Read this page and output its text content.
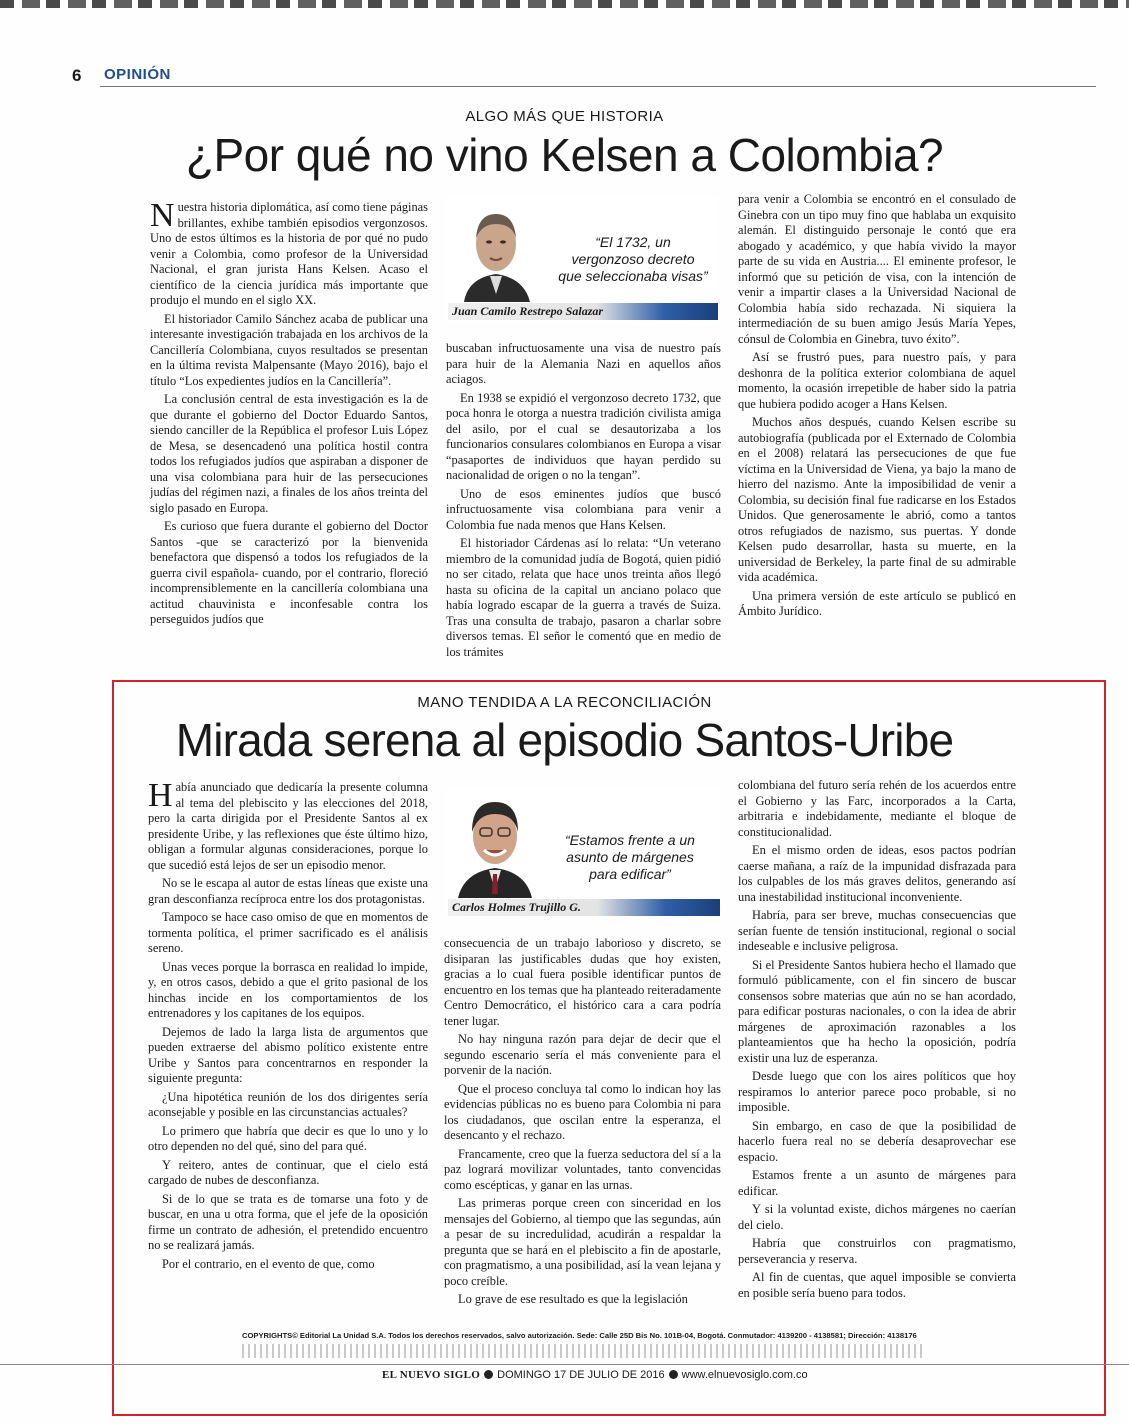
6 OPINIÓN
ALGO MÁS QUE HISTORIA
¿Por qué no vino Kelsen a Colombia?

Nuestra historia diplomática, así como tiene páginas brillantes, exhibe también episodios vergonzosos. Uno de estos últimos es la historia de por qué no pudo venir a Colombia, como profesor de la Universidad Nacional, el gran jurista Hans Kelsen. Acaso el científico de la ciencia jurídica más importante que produjo el mundo en el siglo XX.

El historiador Camilo Sánchez acaba de publicar una interesante investigación trabajada en los archivos de la Cancillería Colombiana, cuyos resultados se presentan en la última revista Malpensante (Mayo 2016), bajo el título “Los expedientes judíos en la Cancillería”.

La conclusión central de esta investigación es la de que durante el gobierno del Doctor Eduardo Santos, siendo canciller de la República el profesor Luis López de Mesa, se desencadenó una política hostil contra todos los refugiados judíos que aspiraban a disponer de una visa colombiana para huir de las persecuciones judías del régimen nazi, a finales de los años treinta del siglo pasado en Europa.

Es curioso que fuera durante el gobierno del Doctor Santos -que se caracterizó por la bienvenida benefactora que dispensó a todos los refugiados de la guerra civil española- cuando, por el contrario, floreció incomprensiblemente en la cancillería colombiana una actitud chauvinista e inconfesable contra los perseguidos judíos que

“El 1732, un vergonzoso decreto que seleccionaba visas”
Juan Camilo Restrepo Salazar

buscaban infructuosamente una visa de nuestro país para huir de la Alemania Nazi en aquellos años aciagos.

En 1938 se expidió el vergonzoso decreto 1732, que poca honra le otorga a nuestra tradición civilista amiga del asilo, por el cual se desautorizaba a los funcionarios consulares colombianos en Europa a visar “pasaportes de individuos que hayan perdido su nacionalidad de origen o no la tengan”.

Uno de esos eminentes judíos que buscó infructuosamente visa colombiana para venir a Colombia fue nada menos que Hans Kelsen.

El historiador Cárdenas así lo relata: “Un veterano miembro de la comunidad judía de Bogotá, quien pidió no ser citado, relata que hace unos treinta años llegó hasta su oficina de la capital un anciano polaco que había logrado escapar de la guerra a través de Suiza. Tras una consulta de trabajo, pasaron a charlar sobre diversos temas. El señor le comentó que en medio de los trámites

para venir a Colombia se encontró en el consulado de Ginebra con un tipo muy fino que hablaba un exquisito alemán. El distinguido personaje le contó que era abogado y académico, y que había vivido la mayor parte de su vida en Austria.... El eminente profesor, le informó que su petición de visa, con la intención de venir a impartir clases a la Universidad Nacional de Colombia había sido rechazada. Ni siquiera la intermediación de su buen amigo Jesús María Yepes, cónsul de Colombia en Ginebra, tuvo éxito”.

Así se frustró pues, para nuestro país, y para deshonra de la política exterior colombiana de aquel momento, la ocasión irrepetible de haber sido la patria que hubiera podido acoger a Hans Kelsen.

Muchos años después, cuando Kelsen escribe su autobiografía (publicada por el Externado de Colombia en el 2008) relatará las persecuciones de que fue víctima en la Universidad de Viena, ya bajo la mano de hierro del nazismo. Ante la imposibilidad de venir a Colombia, su decisión final fue radicarse en los Estados Unidos. Que generosamente le abrió, como a tantos otros refugiados de nazismo, sus puertas. Y donde Kelsen pudo desarrollar, hasta su muerte, en la universidad de Berkeley, la parte final de su admirable vida académica.

Una primera versión de este artículo se publicó en Ámbito Jurídico.

MANO TENDIDA A LA RECONCILIACIÓN
Mirada serena al episodio Santos-Uribe

Había anunciado que dedicaría la presente columna al tema del plebiscito y las elecciones del 2018, pero la carta dirigida por el Presidente Santos al ex presidente Uribe, y las reflexiones que éste último hizo, obligan a formular algunas consideraciones, porque lo que sucedió está lejos de ser un episodio menor.

No se le escapa al autor de estas líneas que existe una gran desconfianza recíproca entre los dos protagonistas.

Tampoco se hace caso omiso de que en momentos de tormenta política, el primer sacrificado es el análisis sereno.

Unas veces porque la borrasca en realidad lo impide, y, en otros casos, debido a que el grito pasional de los hinchas incide en los comportamientos de los entrenadores y los capitanes de los equipos.

Dejemos de lado la larga lista de argumentos que pueden extraerse del abismo político existente entre Uribe y Santos para concentrarnos en responder la siguiente pregunta:

¿Una hipotética reunión de los dos dirigentes sería aconsejable y posible en las circunstancias actuales?

Lo primero que habría que decir es que lo uno y lo otro dependen no del qué, sino del para qué.

Y reitero, antes de continuar, que el cielo está cargado de nubes de desconfianza.

Si de lo que se trata es de tomarse una foto y de buscar, en una u otra forma, que el jefe de la oposición firme un contrato de adhesión, el pretendido encuentro no se realizará jamás.

Por el contrario, en el evento de que, como

“Estamos frente a un asunto de márgenes para edificar”
Carlos Holmes Trujillo G.

consecuencia de un trabajo laborioso y discreto, se disiparan las justificables dudas que hoy existen, gracias a lo cual fuera posible identificar puntos de encuentro en los temas que ha planteado reiteradamente Centro Democrático, el histórico cara a cara podría tener lugar.

No hay ninguna razón para dejar de decir que el segundo escenario sería el más conveniente para el porvenir de la nación.

Que el proceso concluya tal como lo indican hoy las evidencias públicas no es bueno para Colombia ni para los ciudadanos, que oscilan entre la esperanza, el desencanto y el rechazo.

Francamente, creo que la fuerza seductora del sí a la paz logrará movilizar voluntades, tanto convencidas como escépticas, y ganar en las urnas.

Las primeras porque creen con sinceridad en los mensajes del Gobierno, al tiempo que las segundas, aún a pesar de su incredulidad, acudirán a respaldar la pregunta que se hará en el plebiscito a fin de apostarle, con pragmatismo, a una posibilidad, así la vean lejana y poco creíble.

Lo grave de ese resultado es que la legislación

colombiana del futuro sería rehén de los acuerdos entre el Gobierno y las Farc, incorporados a la Carta, arbitraria e indebidamente, mediante el bloque de constitucionalidad.

En el mismo orden de ideas, esos pactos podrían caerse mañana, a raíz de la impunidad disfrazada para los culpables de los más graves delitos, generando así una inestabilidad institucional inconveniente.

Habría, para ser breve, muchas consecuencias que serían fuente de tensión institucional, regional o social indeseable e inclusive peligrosa.

Si el Presidente Santos hubiera hecho el llamado que formuló públicamente, con el fin sincero de buscar consensos sobre materias que aún no se han acordado, para edificar posturas nacionales, o con la idea de abrir márgenes de aproximación razonables a los planteamientos que ha hecho la oposición, podría existir una luz de esperanza.

Desde luego que con los aires políticos que hoy respiramos lo anterior parece poco probable, si no imposible.

Sin embargo, en caso de que la posibilidad de hacerlo fuera real no se debería desaprovechar ese espacio.

Estamos frente a un asunto de márgenes para edificar.

Y si la voluntad existe, dichos márgenes no caerían del cielo.

Habría que construirlos con pragmatismo, perseverancia y reserva.

Al fin de cuentas, que aquel imposible se convierta en posible sería bueno para todos.

COPYRIGHTS© Editorial La Unidad S.A. Todos los derechos reservados, salvo autorización. Sede: Calle 25D Bis No. 101B-04, Bogotá. Conmutador: 4139200 - 4138581; Dirección: 4138176
EL NUEVO SIGLO DOMINGO 17 DE JULIO DE 2016 www.elnuevosiglo.com.co
